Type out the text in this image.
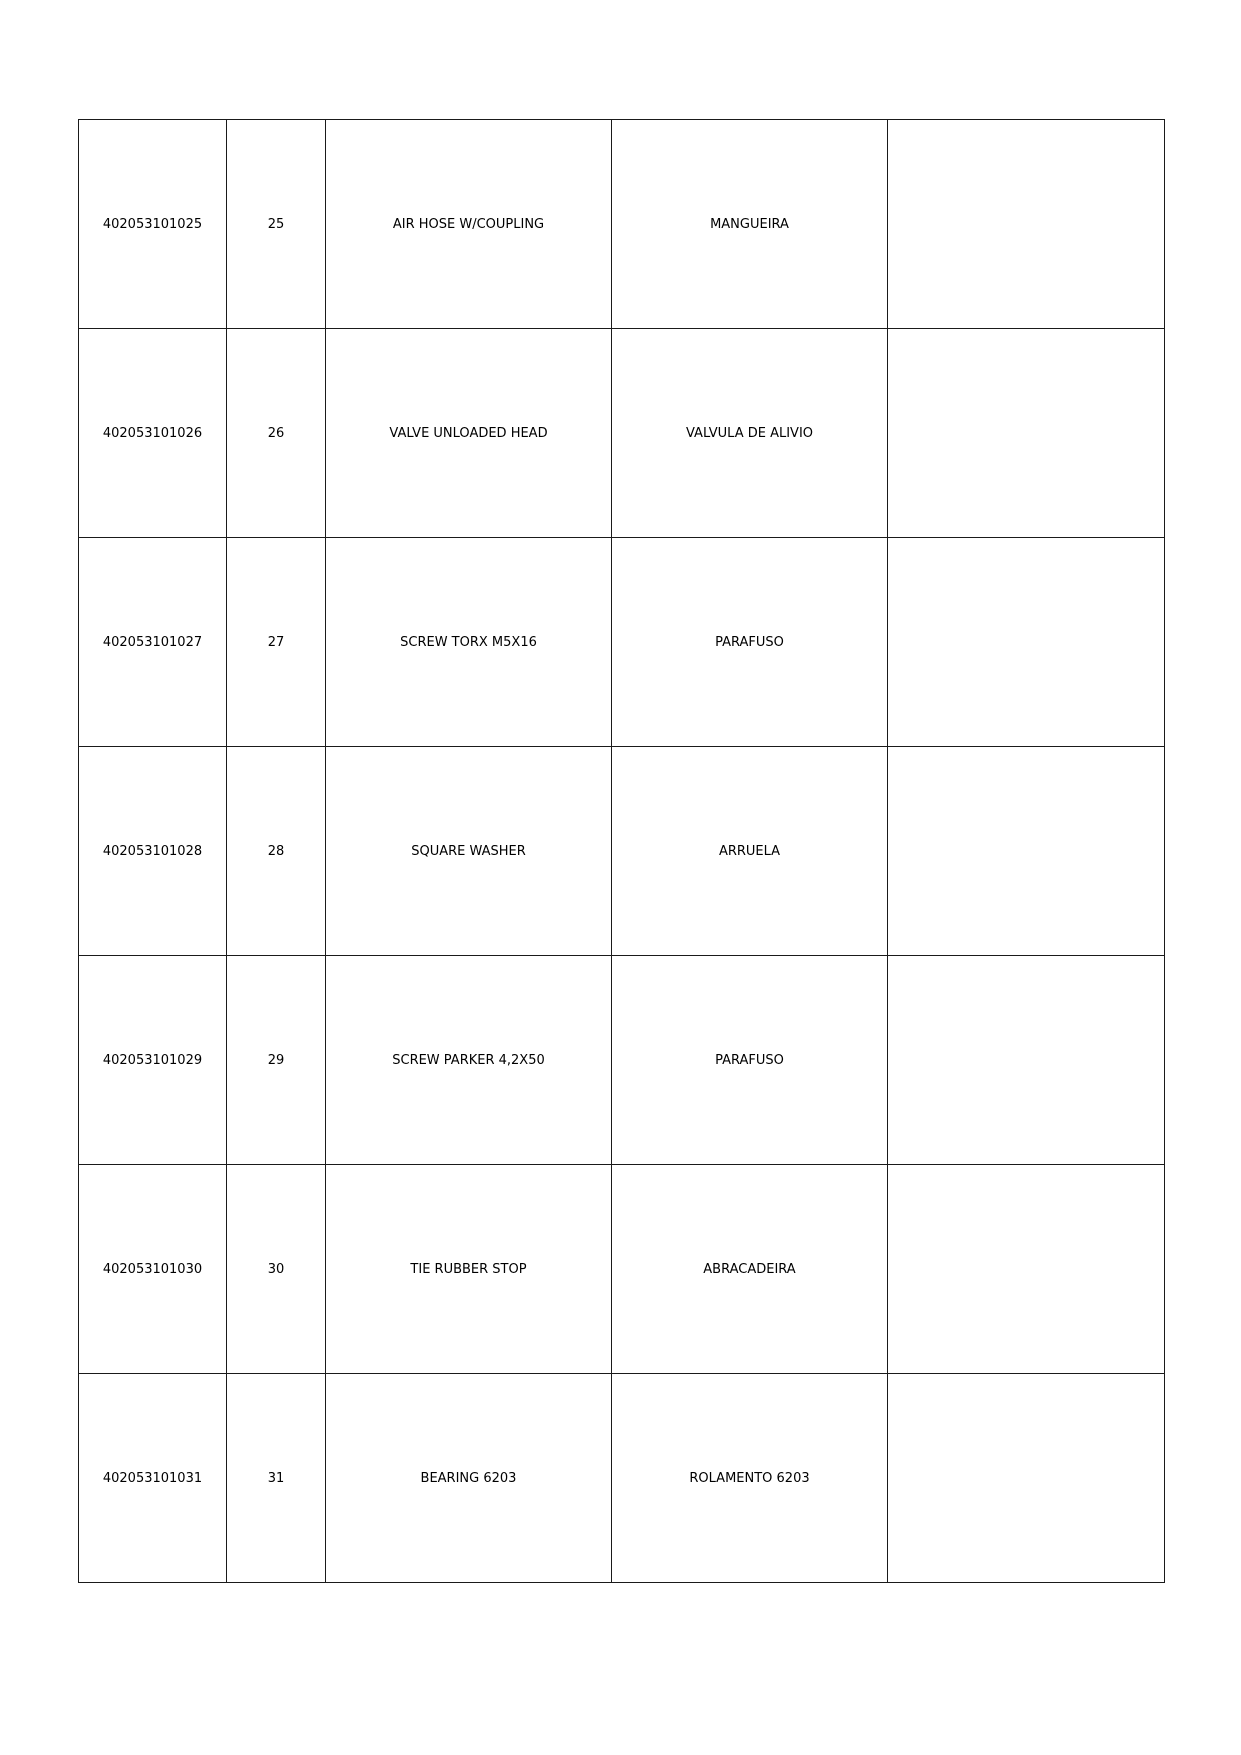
402053101025	25	AIR HOSE W/COUPLING	MANGUEIRA	
402053101026	26	VALVE UNLOADED HEAD	VALVULA DE ALIVIO	
402053101027	27	SCREW TORX M5X16	PARAFUSO	
402053101028	28	SQUARE WASHER	ARRUELA	
402053101029	29	SCREW PARKER 4,2X50	PARAFUSO	
402053101030	30	TIE RUBBER STOP	ABRACADEIRA	
402053101031	31	BEARING 6203	ROLAMENTO 6203	
